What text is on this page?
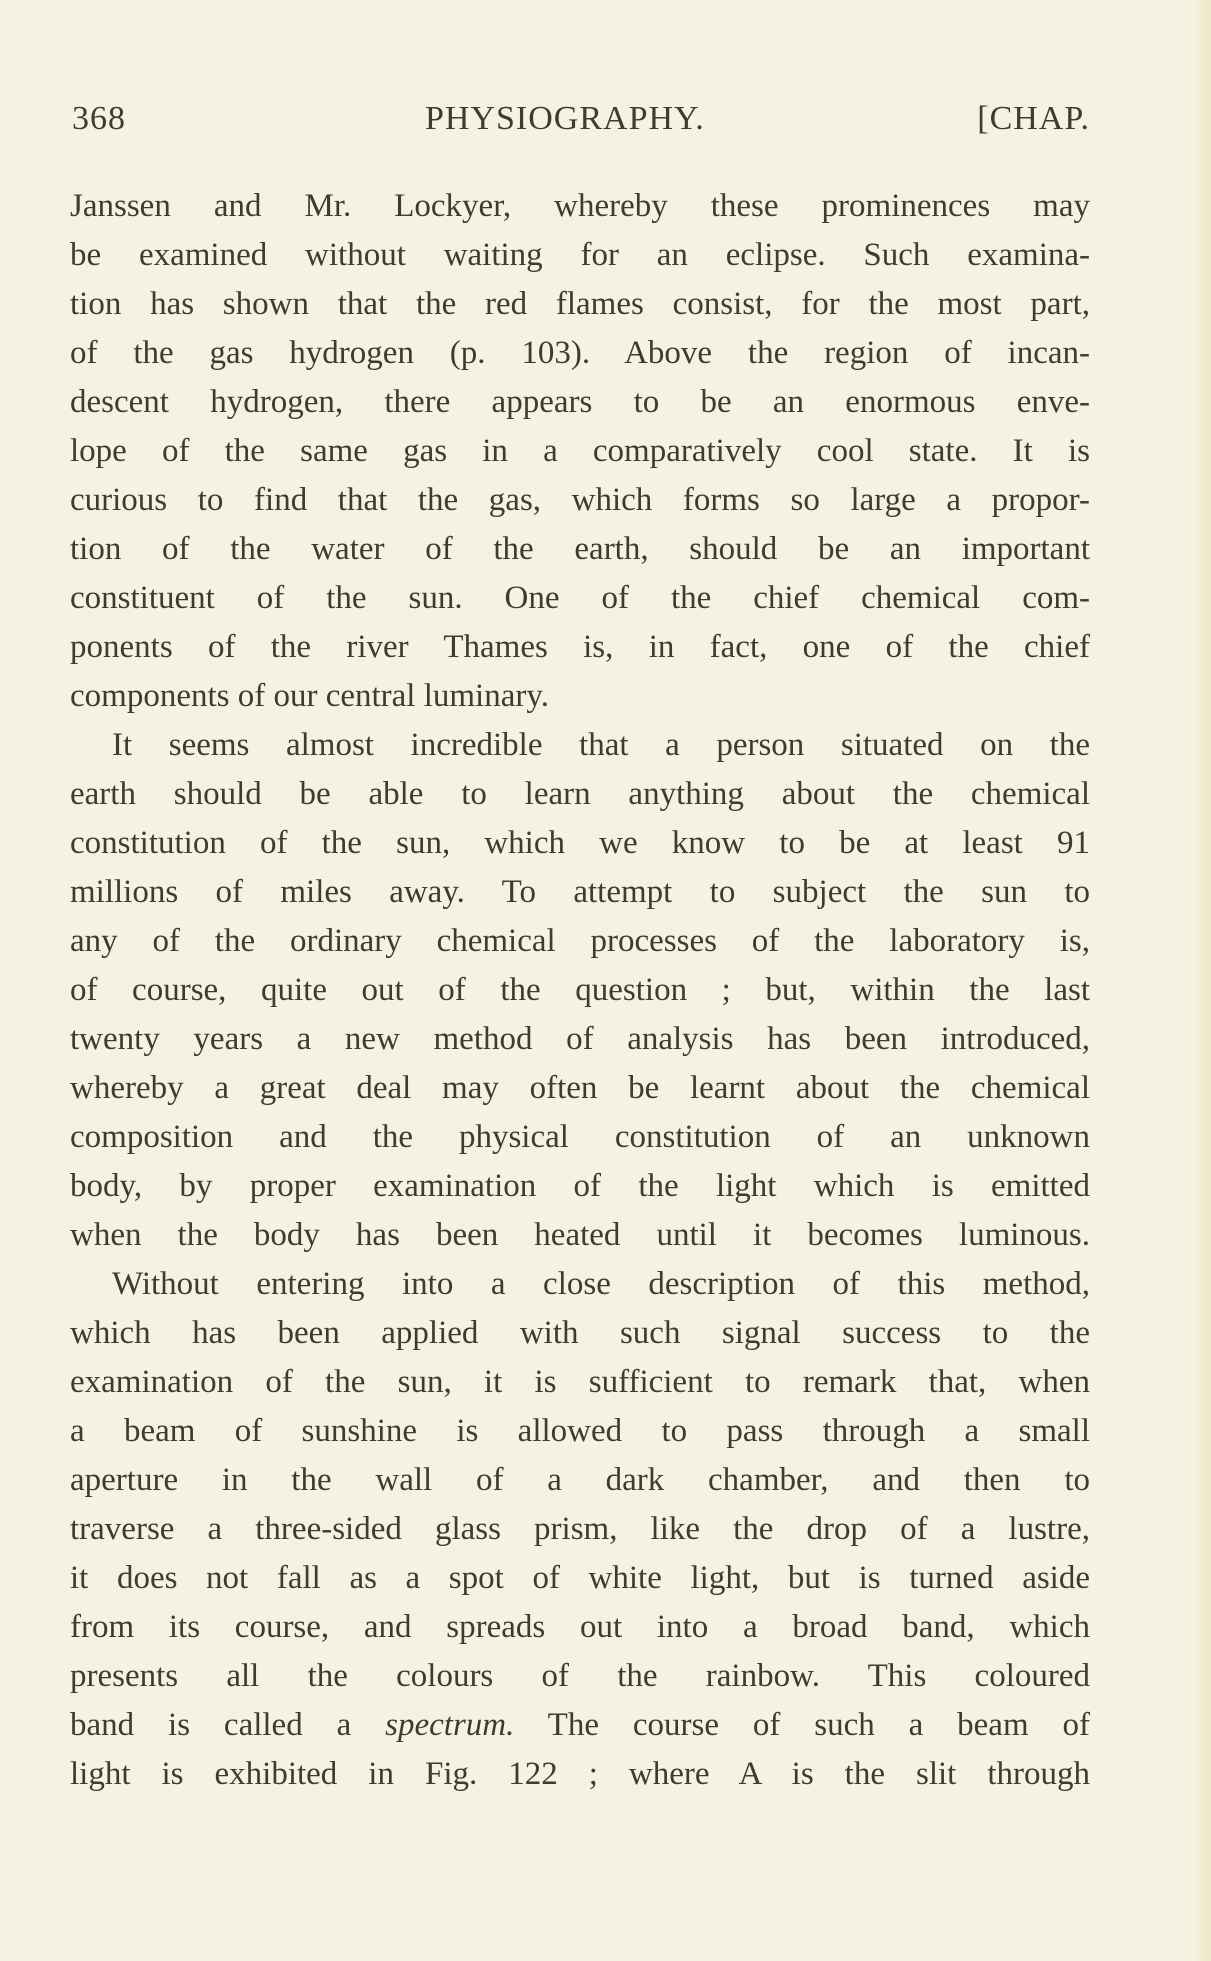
368	PHYSIOGRAPHY.	[CHAP.
Janssen and Mr. Lockyer, whereby these prominences may
be examined without waiting for an eclipse. Such examina-
tion has shown that the red flames consist, for the most part,
of the gas hydrogen (p. 103). Above the region of incan-
descent hydrogen, there appears to be an enormous enve-
lope of the same gas in a comparatively cool state. It is
curious to find that the gas, which forms so large a propor-
tion of the water of the earth, should be an important
constituent of the sun. One of the chief chemical com-
ponents of the river Thames is, in fact, one of the chief
components of our central luminary.
It seems almost incredible that a person situated on the
earth should be able to learn anything about the chemical
constitution of the sun, which we know to be at least 91
millions of miles away. To attempt to subject the sun to
any of the ordinary chemical processes of the laboratory is,
of course, quite out of the question ; but, within the last
twenty years a new method of analysis has been introduced,
whereby a great deal may often be learnt about the chemical
composition and the physical constitution of an unknown
body, by proper examination of the light which is emitted
when the body has been heated until it becomes luminous.
Without entering into a close description of this method,
which has been applied with such signal success to the
examination of the sun, it is sufficient to remark that, when
a beam of sunshine is allowed to pass through a small
aperture in the wall of a dark chamber, and then to
traverse a three-sided glass prism, like the drop of a lustre,
it does not fall as a spot of white light, but is turned aside
from its course, and spreads out into a broad band, which
presents all the colours of the rainbow. This coloured
band is called a spectrum. The course of such a beam of
light is exhibited in Fig. 122 ; where A is the slit through
